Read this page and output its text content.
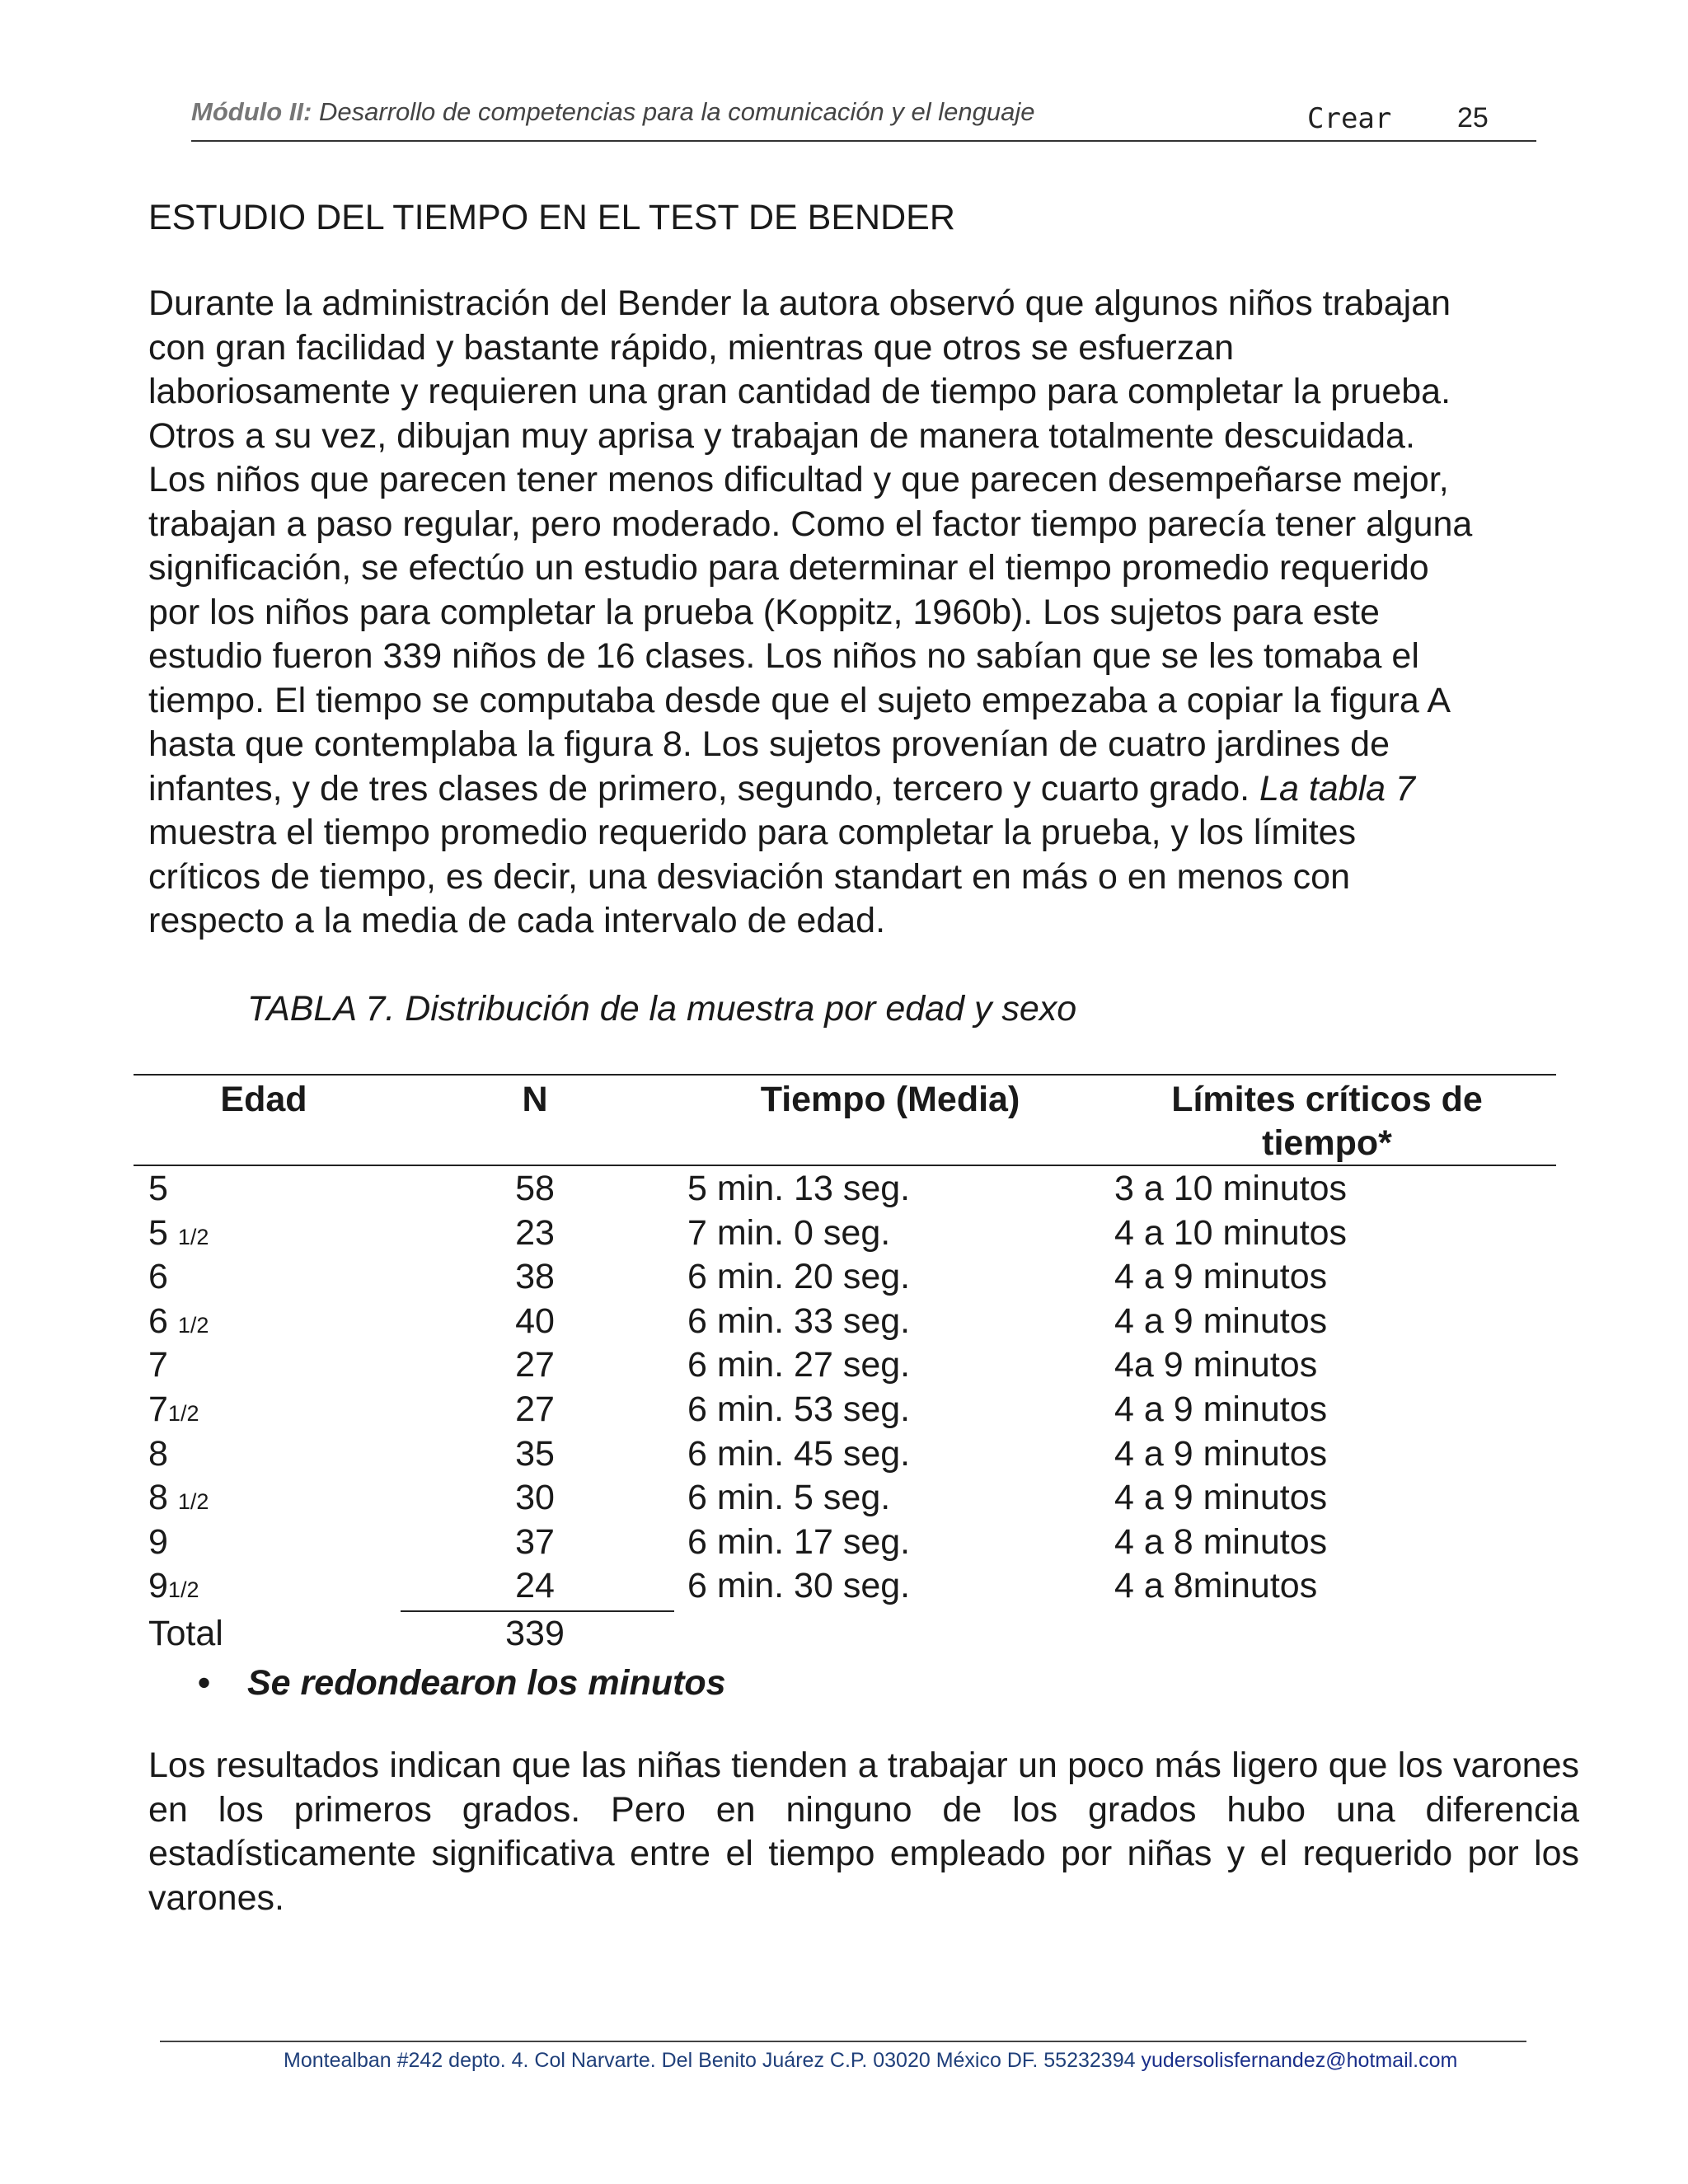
Módulo II: Desarrollo de competencias para la comunicación y el lenguaje	Crear 25
ESTUDIO DEL TIEMPO EN EL TEST DE BENDER
Durante la administración del Bender la autora observó que algunos niños trabajan
con gran facilidad y bastante rápido, mientras que otros se esfuerzan
laboriosamente y requieren una gran cantidad de tiempo para completar la prueba.
Otros a su vez, dibujan muy aprisa y trabajan de manera totalmente descuidada.
Los niños que parecen tener menos dificultad y que parecen desempeñarse mejor,
trabajan a paso regular, pero moderado. Como el factor tiempo parecía tener alguna
significación, se efectúo un estudio para determinar el tiempo promedio requerido
por los niños para completar la prueba (Koppitz, 1960b). Los sujetos para este
estudio fueron 339 niños de 16 clases. Los niños no sabían que se les tomaba el
tiempo. El tiempo se computaba desde que el sujeto empezaba a copiar la figura A
hasta que contemplaba la figura 8. Los sujetos provenían de cuatro jardines de
infantes, y de tres clases de primero, segundo, tercero y cuarto grado. La tabla 7
muestra el tiempo promedio requerido para completar la prueba, y los límites
críticos de tiempo, es decir, una desviación standart en más o en menos con
respecto a la media de cada intervalo de edad.
TABLA 7. Distribución de la muestra por edad y sexo
Edad	N	Tiempo (Media)	Límites críticos de
tiempo*
5	58	5 min. 13 seg.	3 a 10 minutos
5 1/2	23	7 min. 0 seg.	4 a 10 minutos
6	38	6 min. 20 seg.	4 a 9 minutos
6 1/2	40	6 min. 33 seg.	4 a 9 minutos
7	27	6 min. 27 seg.	4a 9 minutos
71/2	27	6 min. 53 seg.	4 a 9 minutos
8	35	6 min. 45 seg.	4 a 9 minutos
8 1/2	30	6 min. 5 seg.	4 a 9 minutos
9	37	6 min. 17 seg.	4 a 8 minutos
91/2	24	6 min. 30 seg.	4 a 8minutos
Total	339
• Se redondearon los minutos
Los resultados indican que las niñas tienden a trabajar un poco más ligero que los varones en los primeros grados. Pero en ninguno de los grados hubo una diferencia estadísticamente significativa entre el tiempo empleado por niñas y el requerido por los varones.
Montealban #242 depto. 4. Col Narvarte. Del Benito Juárez C.P. 03020 México DF. 55232394 yudersolisfernandez@hotmail.com
